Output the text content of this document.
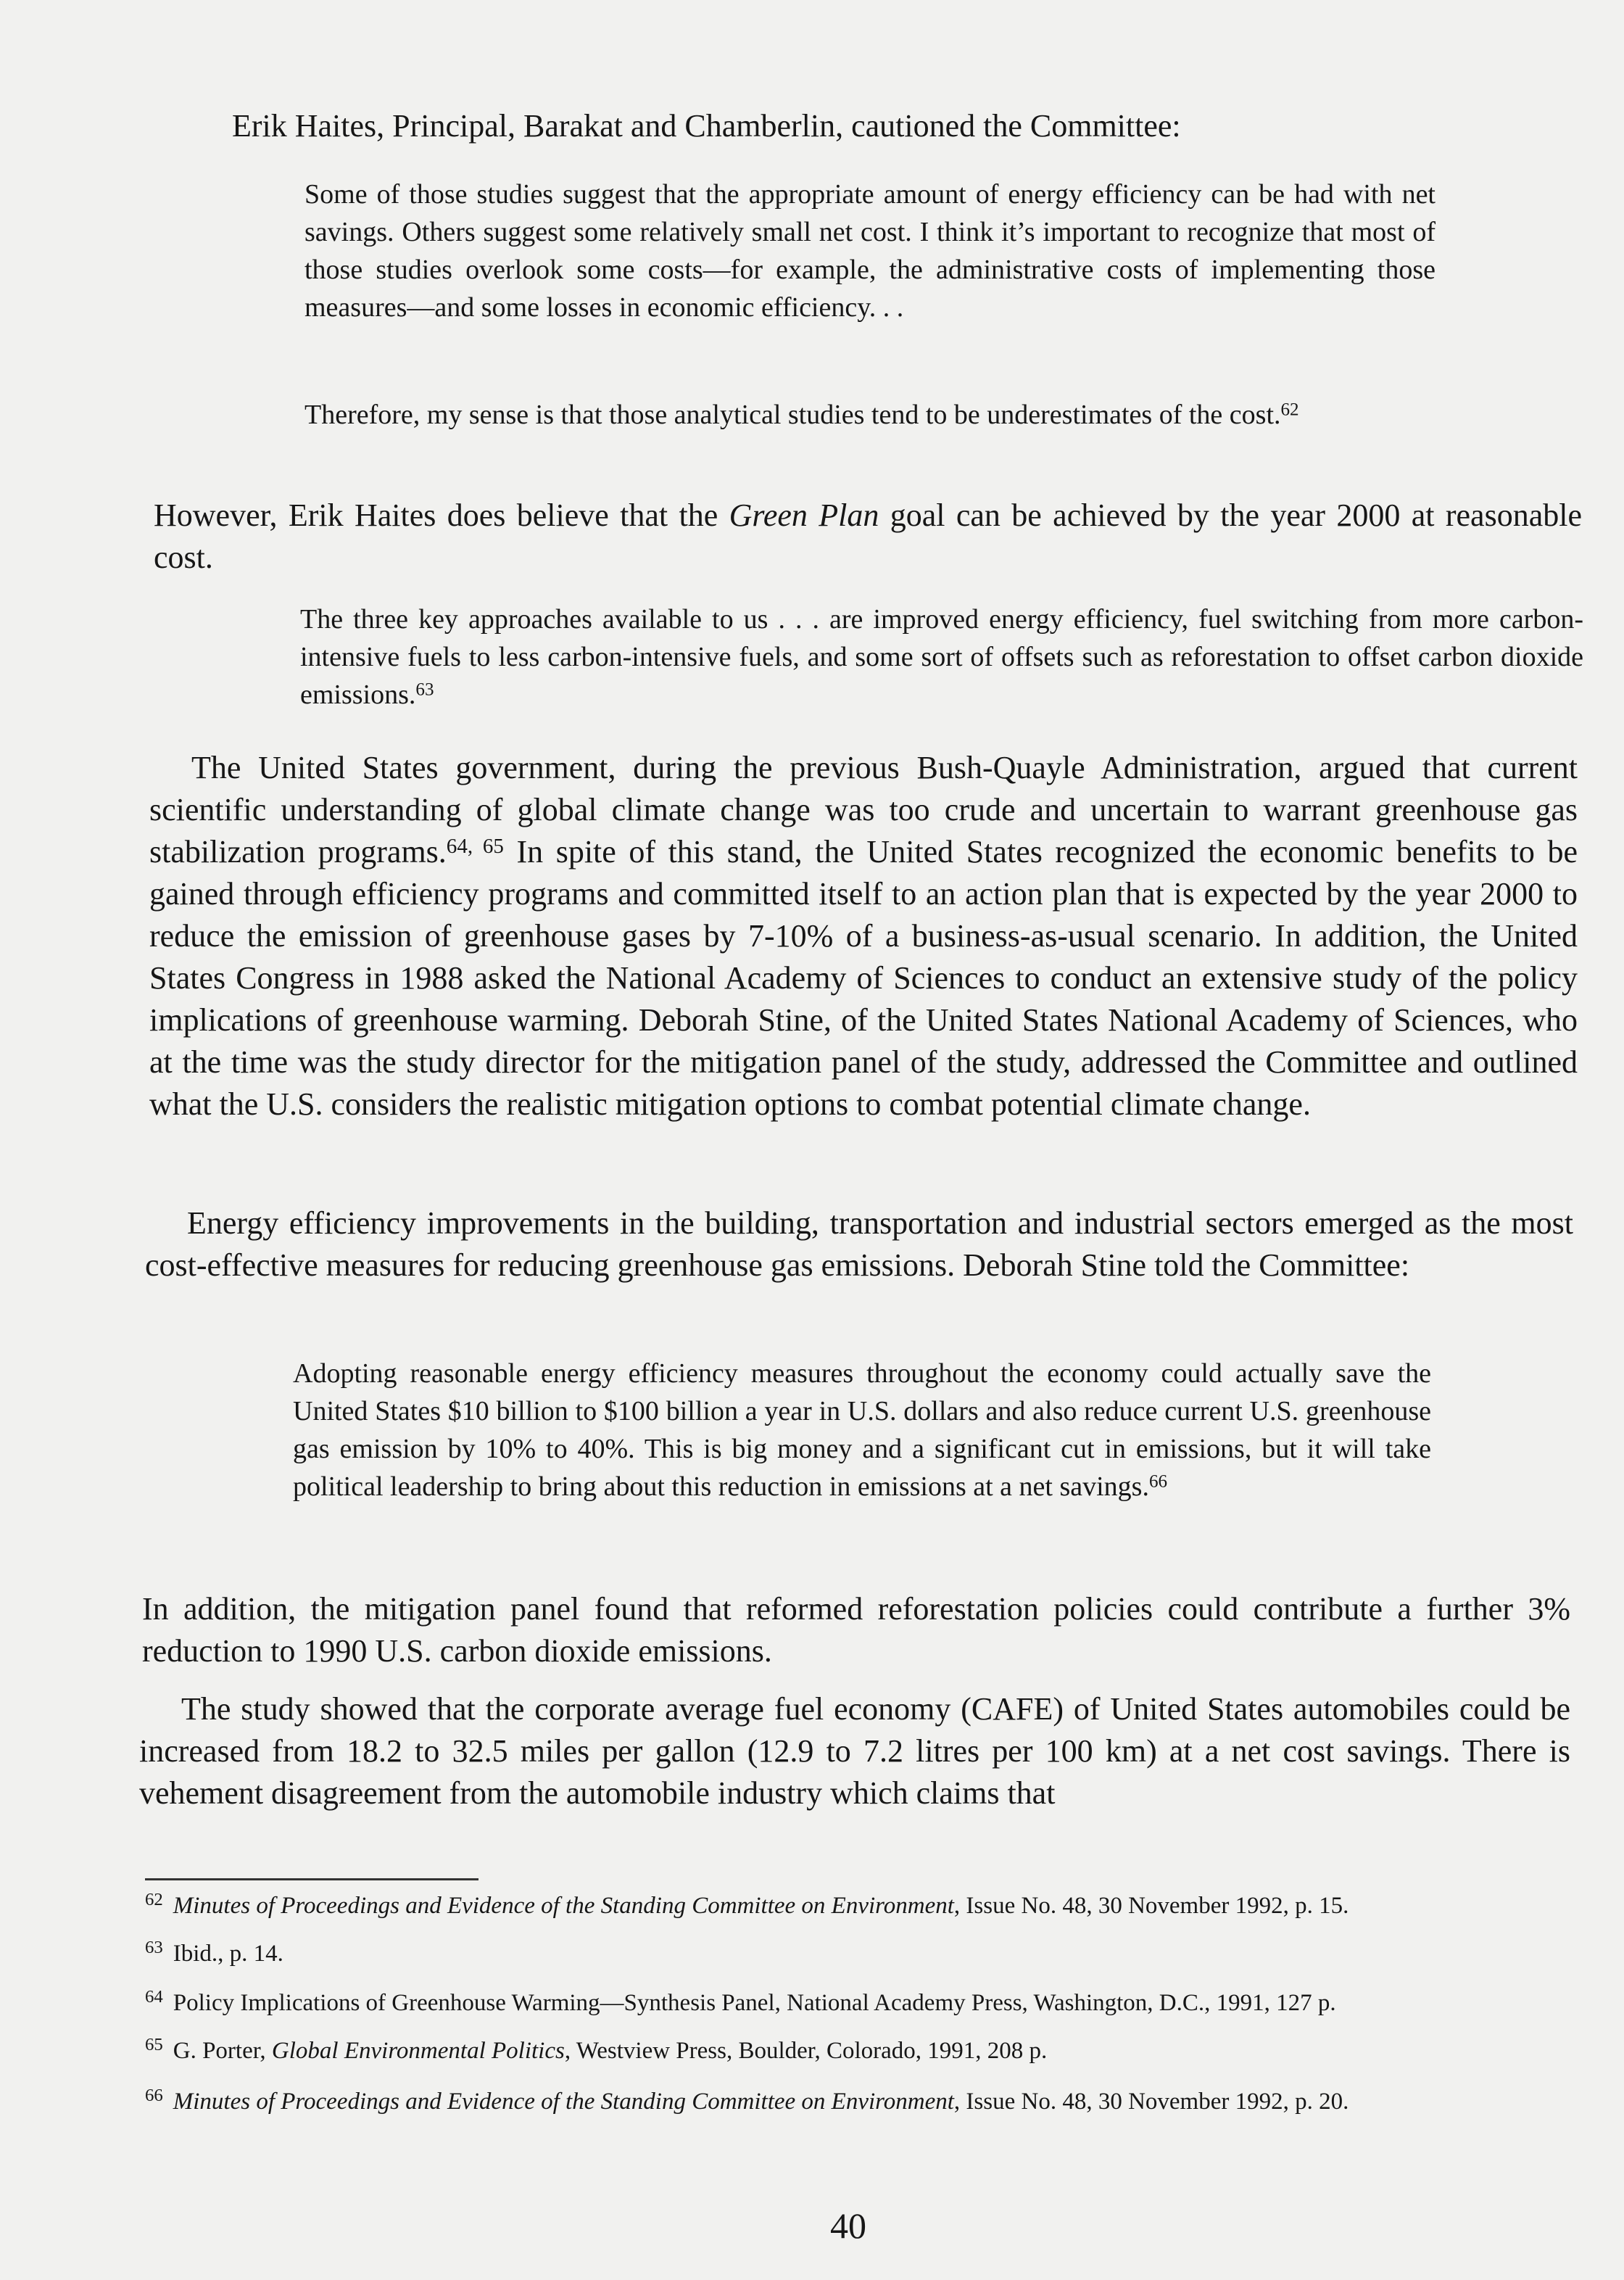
Erik Haites, Principal, Barakat and Chamberlin, cautioned the Committee:

Some of those studies suggest that the appropriate amount of energy efficiency can be had with net savings. Others suggest some relatively small net cost. I think it’s important to recognize that most of those studies overlook some costs—for example, the administrative costs of implementing those measures—and some losses in economic efficiency. . .

Therefore, my sense is that those analytical studies tend to be underestimates of the cost.$^{62}$

However, Erik Haites does believe that the Green Plan goal can be achieved by the year 2000 at reasonable cost.

The three key approaches available to us . . . are improved energy efficiency, fuel switching from more carbon-intensive fuels to less carbon-intensive fuels, and some sort of offsets such as reforestation to offset carbon dioxide emissions.$^{63}$

The United States government, during the previous Bush-Quayle Administration, argued that current scientific understanding of global climate change was too crude and uncertain to warrant greenhouse gas stabilization programs.$^{64, 65}$ In spite of this stand, the United States recognized the economic benefits to be gained through efficiency programs and committed itself to an action plan that is expected by the year 2000 to reduce the emission of greenhouse gases by 7-10% of a business-as-usual scenario. In addition, the United States Congress in 1988 asked the National Academy of Sciences to conduct an extensive study of the policy implications of greenhouse warming. Deborah Stine, of the United States National Academy of Sciences, who at the time was the study director for the mitigation panel of the study, addressed the Committee and outlined what the U.S. considers the realistic mitigation options to combat potential climate change.

Energy efficiency improvements in the building, transportation and industrial sectors emerged as the most cost-effective measures for reducing greenhouse gas emissions. Deborah Stine told the Committee:

Adopting reasonable energy efficiency measures throughout the economy could actually save the United States $10 billion to $100 billion a year in U.S. dollars and also reduce current U.S. greenhouse gas emission by 10% to 40%. This is big money and a significant cut in emissions, but it will take political leadership to bring about this reduction in emissions at a net savings.$^{66}$

In addition, the mitigation panel found that reformed reforestation policies could contribute a further 3% reduction to 1990 U.S. carbon dioxide emissions.

The study showed that the corporate average fuel economy (CAFE) of United States automobiles could be increased from 18.2 to 32.5 miles per gallon (12.9 to 7.2 litres per 100 km) at a net cost savings. There is vehement disagreement from the automobile industry which claims that

$^{62}$ Minutes of Proceedings and Evidence of the Standing Committee on Environment, Issue No. 48, 30 November 1992, p. 15.

$^{63}$ Ibid., p. 14.

$^{64}$ Policy Implications of Greenhouse Warming—Synthesis Panel, National Academy Press, Washington, D.C., 1991, 127 p.

$^{65}$ G. Porter, Global Environmental Politics, Westview Press, Boulder, Colorado, 1991, 208 p.

$^{66}$ Minutes of Proceedings and Evidence of the Standing Committee on Environment, Issue No. 48, 30 November 1992, p. 20.

40
